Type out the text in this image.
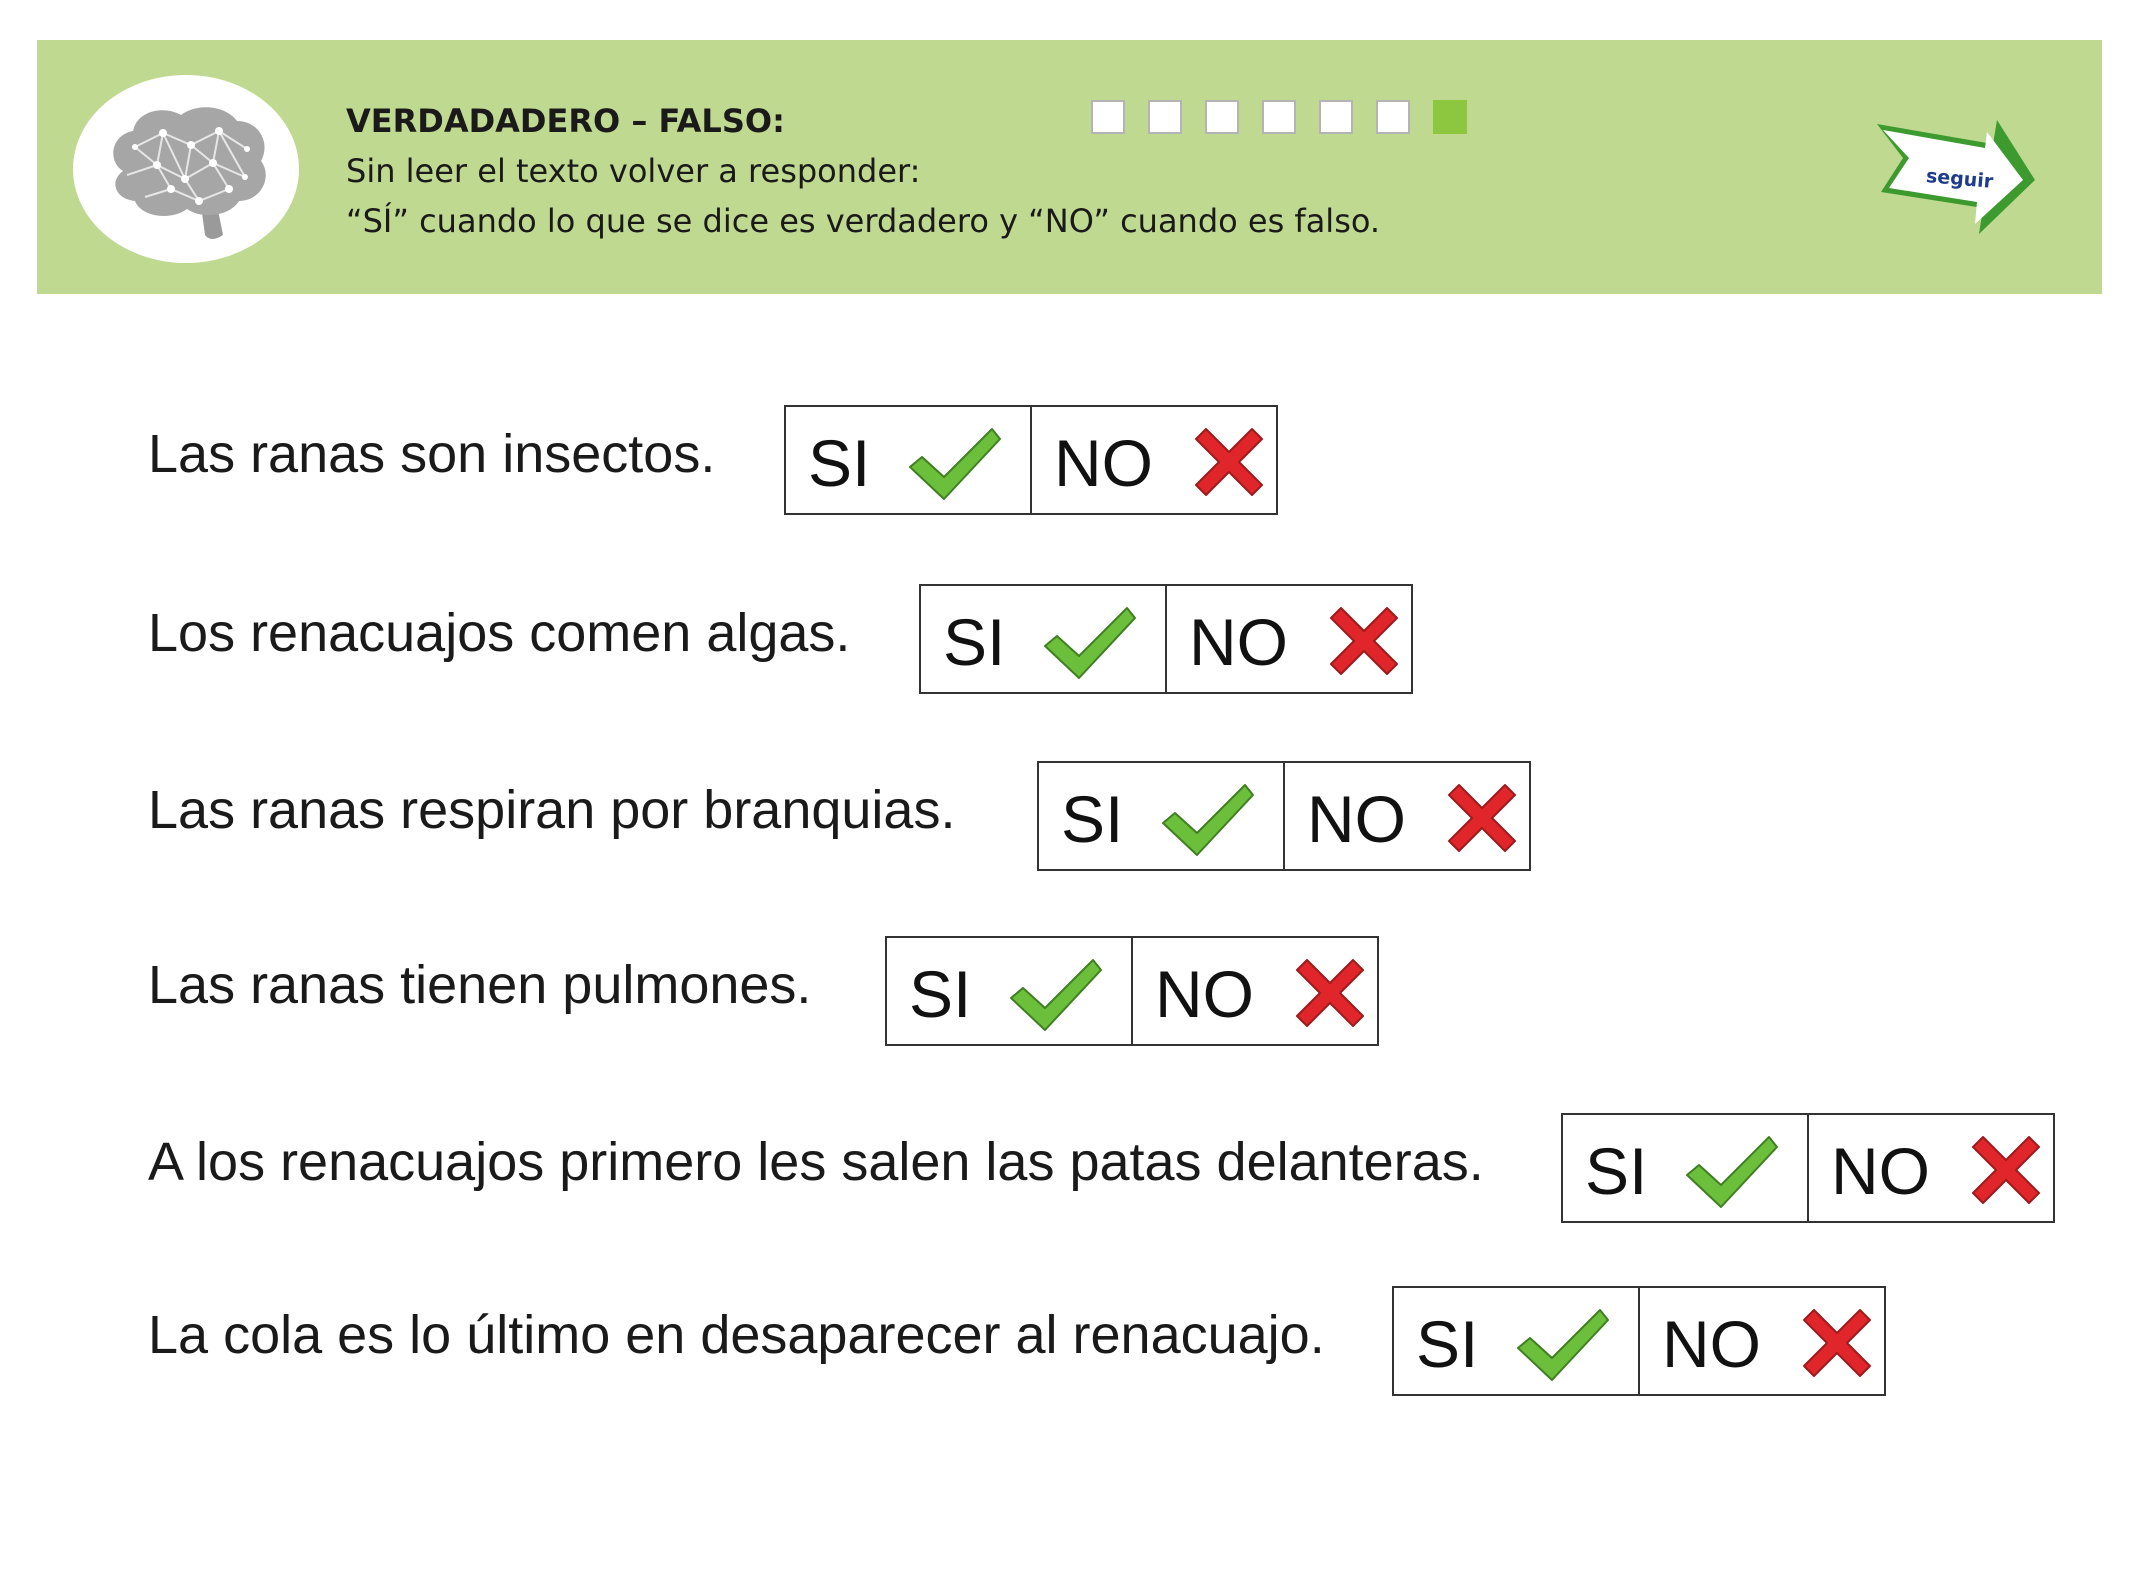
VERDADADERO – FALSO:
Sin leer el texto volver a responder:
“SÍ” cuando lo que se dice es verdadero y “NO” cuando es falso.
seguir
Las ranas son insectos. SI	NO
Los renacuajos comen algas. SI	NO
Las ranas respiran por branquias. SI	NO
Las ranas tienen pulmones. SI	NO
A los renacuajos primero les salen las patas delanteras. SI	NO
La cola es lo último en desaparecer al renacuajo. SI	NO
